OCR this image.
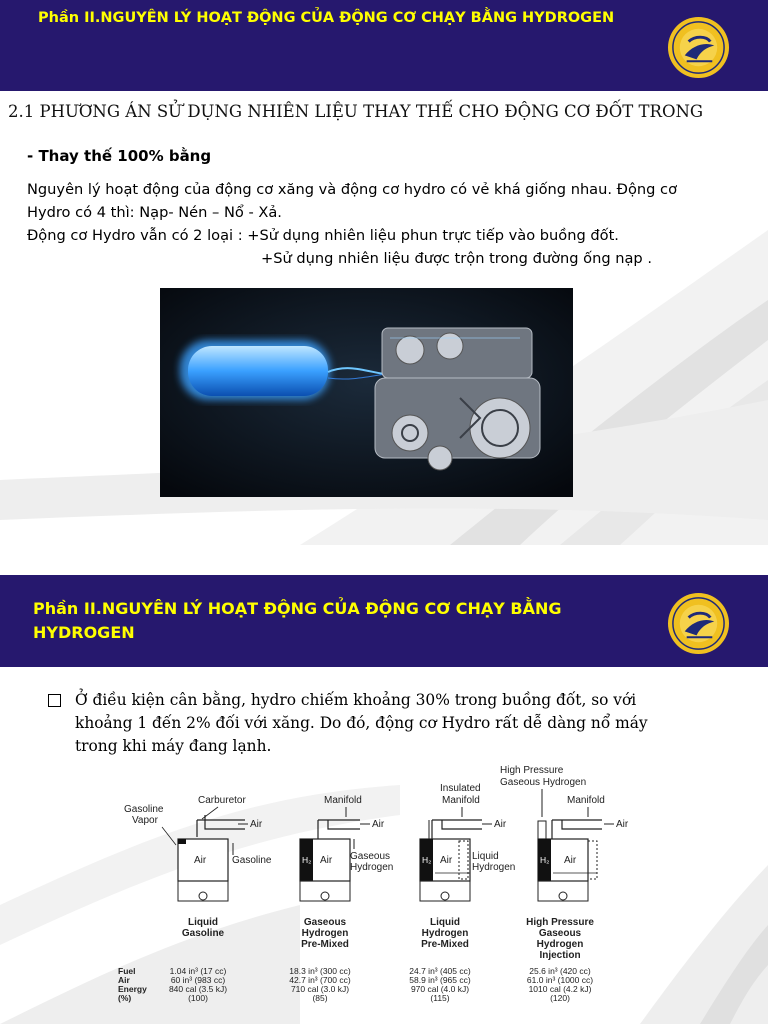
Phần II.NGUYÊN LÝ HOẠT ĐỘNG CỦA ĐỘNG CƠ CHẠY BẰNG HYDROGEN
2.1 PHƯƠNG ÁN SỬ DỤNG NHIÊN LIỆU THAY THẾ CHO ĐỘNG CƠ ĐỐT TRONG
- Thay thế 100% bằng
Nguyên lý hoạt động của động cơ xăng và động cơ hydro có vẻ khá giống nhau. Động cơ
Hydro có 4 thì: Nạp- Nén – Nổ - Xả.
Động cơ Hydro vẫn có 2 loại : +Sử dụng nhiên liệu phun trực tiếp vào buồng đốt.
+Sử dụng nhiên liệu được trộn trong đường ống nạp .
Phần II.NGUYÊN LÝ HOẠT ĐỘNG CỦA ĐỘNG CƠ CHẠY BẰNG HYDROGEN
Ở điều kiện cân bằng, hydro chiếm khoảng 30% trong buồng đốt, so với khoảng 1 đến 2% đối với xăng. Do đó, động cơ Hydro rất dễ dàng nổ máy trong khi máy đang lạnh.
Gasoline
Vapor
Carburetor
Air
Air	Gasoline
Liquid
Gasoline
Manifold
Air
H₂ Air Gaseous
Hydrogen
Gaseous
Hydrogen
Pre-Mixed
Insulated
Manifold
Air
H₂ Air Liquid
Hydrogen
Liquid
Hydrogen
Pre-Mixed
High Pressure
Gaseous Hydrogen
Manifold
Air
H₂ Air
High Pressure
Gaseous
Hydrogen
Injection
Fuel
Air
Energy
(%)
1.04 in³ (17 cc)
60 in³ (983 cc)
840 cal (3.5 kJ)
(100)
18.3 in³ (300 cc)
42.7 in³ (700 cc)
710 cal (3.0 kJ)
(85)
24.7 in³ (405 cc)
58.9 in³ (965 cc)
970 cal (4.0 kJ)
(115)
25.6 in³ (420 cc)
61.0 in³ (1000 cc)
1010 cal (4.2 kJ)
(120)
